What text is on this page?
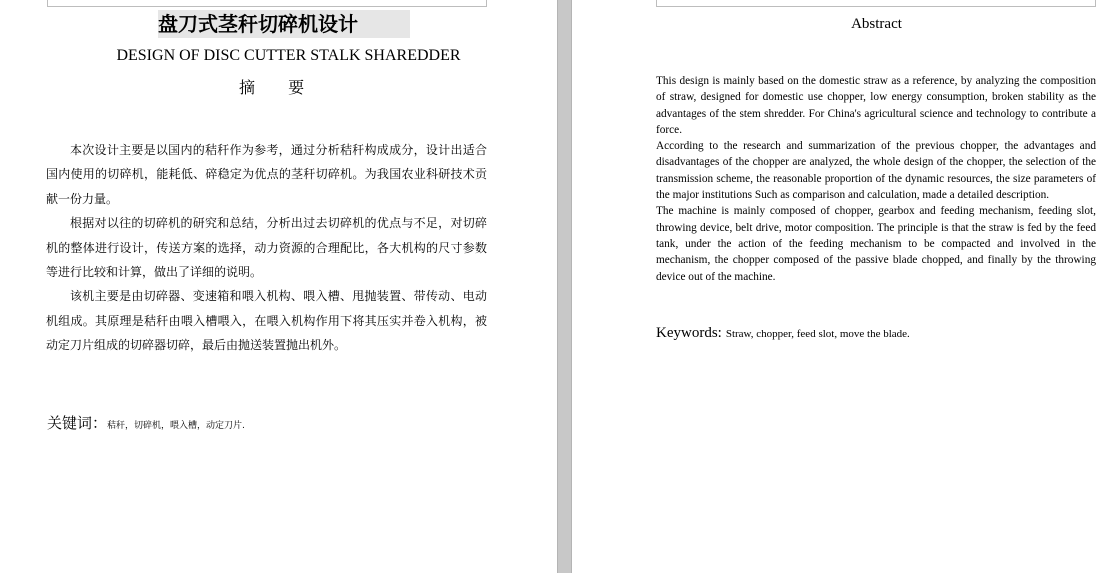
盘刀式茎秆切碎机设计
DESIGN OF DISC CUTTER STALK SHAREDDER
摘 要

本次设计主要是以国内的秸秆作为参考，通过分析秸秆构成成分，设计出适合国内使用的切碎机，能耗低、碎稳定为优点的茎秆切碎机。为我国农业科研技术贡献一份力量。

根据对以往的切碎机的研究和总结，分析出过去切碎机的优点与不足，对切碎机的整体进行设计，传送方案的选择，动力资源的合理配比，各大机构的尺寸参数等进行比较和计算，做出了详细的说明。

该机主要是由切碎器、变速箱和喂入机构、喂入槽、甩抛装置、带传动、电动机组成。其原理是秸秆由喂入槽喂入，在喂入机构作用下将其压实并卷入机构，被动定刀片组成的切碎器切碎，最后由抛送装置抛出机外。

关键词：秸秆，切碎机，喂入槽，动定刀片.
Abstract

This design is mainly based on the domestic straw as a reference, by analyzing the composition of straw, designed for domestic use chopper, low energy consumption, broken stability as the advantages of the stem shredder. For China's agricultural science and technology to contribute a force.

According to the research and summarization of the previous chopper, the advantages and disadvantages of the chopper are analyzed, the whole design of the chopper, the selection of the transmission scheme, the reasonable proportion of the dynamic resources, the size parameters of the major institutions Such as comparison and calculation, made a detailed description.

The machine is mainly composed of chopper, gearbox and feeding mechanism, feeding slot, throwing device, belt drive, motor composition. The principle is that the straw is fed by the feed tank, under the action of the feeding mechanism to be compacted and involved in the mechanism, the chopper composed of the passive blade chopped, and finally by the throwing device out of the machine.

Keywords: Straw, chopper, feed slot, move the blade.
